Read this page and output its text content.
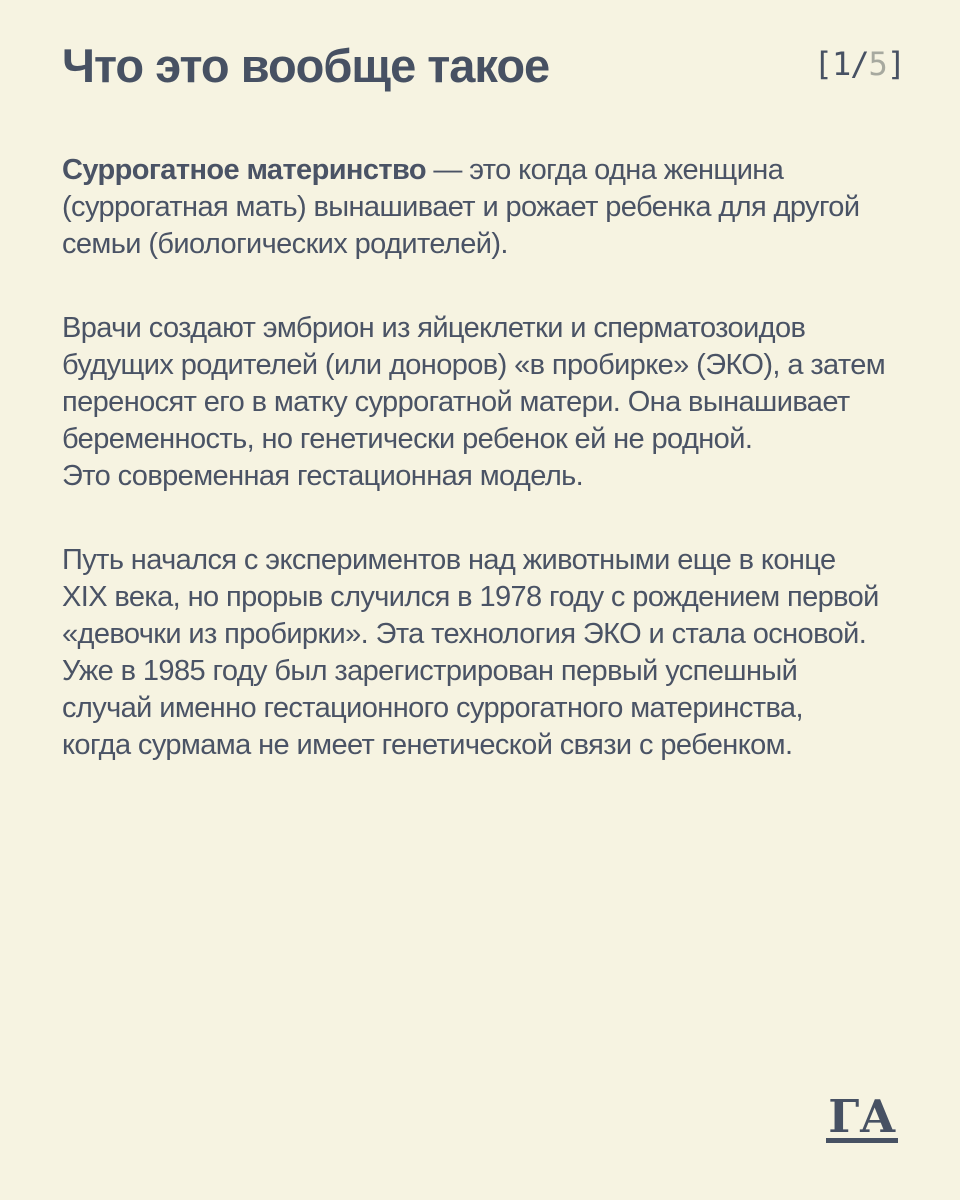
Что это вообще такое	[1/5]
Суррогатное материнство — это когда одна женщина
(суррогатная мать) вынашивает и рожает ребенка для другой
семьи (биологических родителей).
Врачи создают эмбрион из яйцеклетки и сперматозоидов
будущих родителей (или доноров) «в пробирке» (ЭКО), а затем
переносят его в матку суррогатной матери. Она вынашивает
беременность, но генетически ребенок ей не родной.
Это современная гестационная модель.
Путь начался с экспериментов над животными еще в конце
XIX века, но прорыв случился в 1978 году с рождением первой
«девочки из пробирки». Эта технология ЭКО и стала основой.
Уже в 1985 году был зарегистрирован первый успешный
случай именно гестационного суррогатного материнства,
когда сурмама не имеет генетической связи с ребенком.
ГА
